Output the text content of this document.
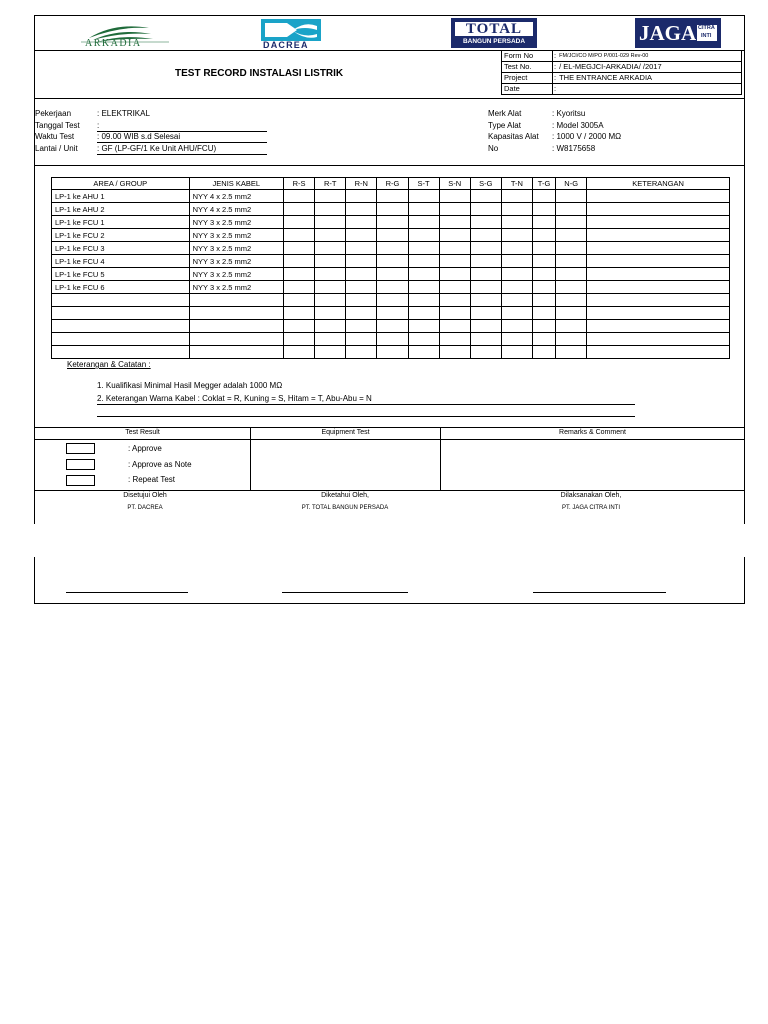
ARKADIA	DACREA
TOTAL
BANGUN PERSADA	JAGA CITRA
INTI
TEST RECORD INSTALASI LISTRIK
Form No	:	FM/JCI/CO M/PO P/001-029 Rev-00
Test No.	:	/ EL-MEGJCI-ARKADIA/ /2017
Project	:	THE ENTRANCE ARKADIA
Date	:	
Pekerjaan	: ELEKTRIKAL
Tanggal Test :
Waktu Test	: 09.00 WIB s.d Selesai
Lantai / Unit : GF (LP-GF/1 Ke Unit AHU/FCU)
Merk Alat	: Kyoritsu
Type Alat	: Model 3005A
Kapasitas Alat : 1000 V / 2000 MΩ
No	: W8175658
AREA / GROUP	JENIS KABEL	R-S	R-T	R-N	R-G	S-T	S-N	S-G	T-N	T-G	N-G	KETERANGAN
LP-1 ke AHU 1	NYY 4 x 2.5 mm2											
LP-1 ke AHU 2	NYY 4 x 2.5 mm2											
LP-1 ke FCU 1	NYY 3 x 2.5 mm2											
LP-1 ke FCU 2	NYY 3 x 2.5 mm2											
LP-1 ke FCU 3	NYY 3 x 2.5 mm2											
LP-1 ke FCU 4	NYY 3 x 2.5 mm2											
LP-1 ke FCU 5	NYY 3 x 2.5 mm2											
LP-1 ke FCU 6	NYY 3 x 2.5 mm2											

Keterangan & Catatan :
1. Kualifikasi Minimal Hasil Megger adalah 1000 MΩ
2. Keterangan Warna Kabel : Coklat = R, Kuning = S, Hitam = T, Abu-Abu = N
Test Result	Equipment Test	Remarks & Comment
: Approve
: Approve as Note
: Repeat Test
Disetujui Oleh
PT. DACREA
Diketahui Oleh,
PT. TOTAL BANGUN PERSADA
Dilaksanakan Oleh,
PT. JAGA CITRA INTI
